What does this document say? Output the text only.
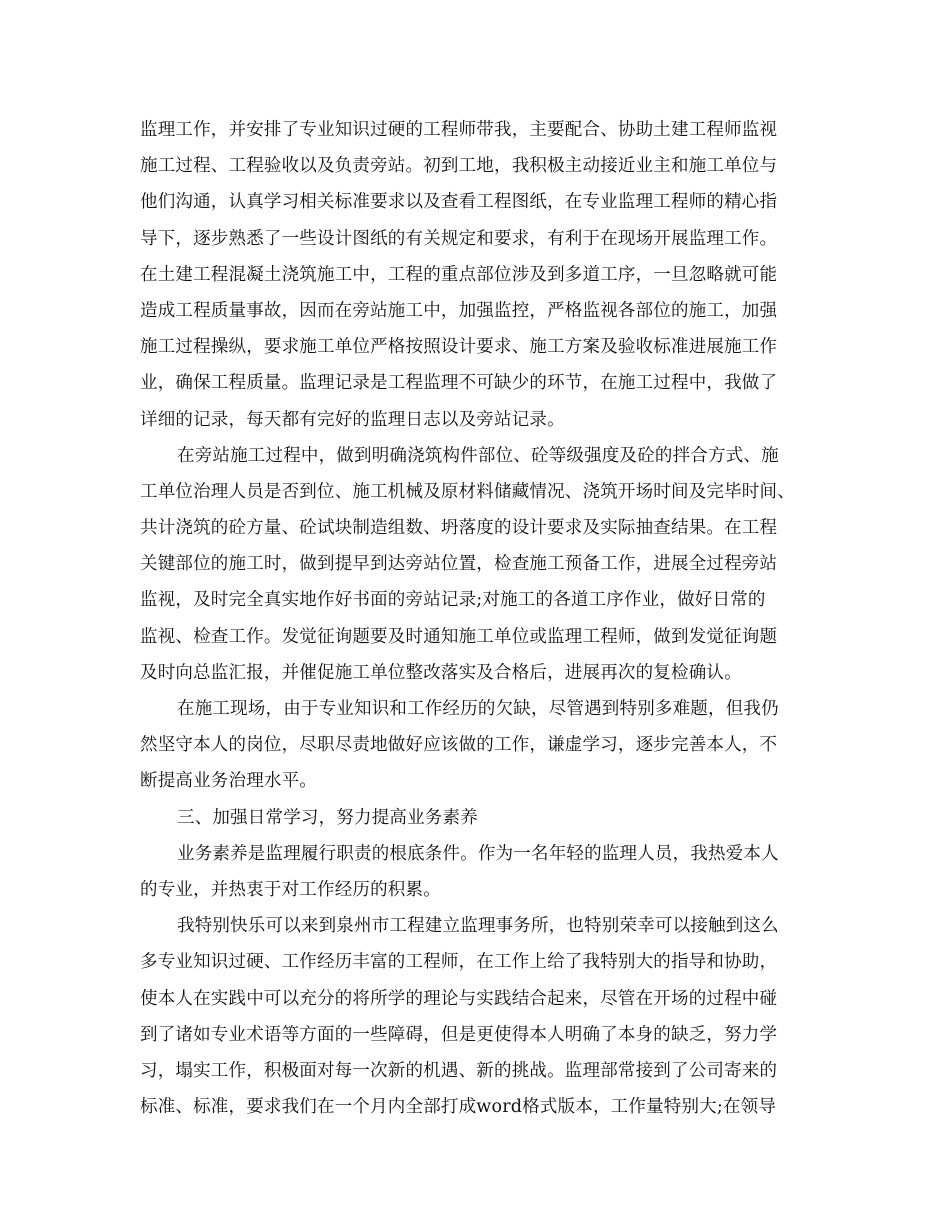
监理工作，并安排了专业知识过硬的工程师带我，主要配合、协助土建工程师监视
施工过程、工程验收以及负责旁站。初到工地，我积极主动接近业主和施工单位与
他们沟通，认真学习相关标准要求以及查看工程图纸，在专业监理工程师的精心指
导下，逐步熟悉了一些设计图纸的有关规定和要求，有利于在现场开展监理工作。
在土建工程混凝土浇筑施工中，工程的重点部位涉及到多道工序，一旦忽略就可能
造成工程质量事故，因而在旁站施工中，加强监控，严格监视各部位的施工，加强
施工过程操纵，要求施工单位严格按照设计要求、施工方案及验收标准进展施工作
业，确保工程质量。监理记录是工程监理不可缺少的环节，在施工过程中，我做了
详细的记录，每天都有完好的监理日志以及旁站记录。
在旁站施工过程中，做到明确浇筑构件部位、砼等级强度及砼的拌合方式、施
工单位治理人员是否到位、施工机械及原材料储藏情况、浇筑开场时间及完毕时间、
共计浇筑的砼方量、砼试块制造组数、坍落度的设计要求及实际抽查结果。在工程
关键部位的施工时，做到提早到达旁站位置，检查施工预备工作，进展全过程旁站
监视，及时完全真实地作好书面的旁站记录;对施工的各道工序作业，做好日常的
监视、检查工作。发觉征询题要及时通知施工单位或监理工程师，做到发觉征询题
及时向总监汇报，并催促施工单位整改落实及合格后，进展再次的复检确认。
在施工现场，由于专业知识和工作经历的欠缺，尽管遇到特别多难题，但我仍
然坚守本人的岗位，尽职尽责地做好应该做的工作，谦虚学习，逐步完善本人，不
断提高业务治理水平。
三、加强日常学习，努力提高业务素养
业务素养是监理履行职责的根底条件。作为一名年轻的监理人员，我热爱本人
的专业，并热衷于对工作经历的积累。
我特别快乐可以来到泉州市工程建立监理事务所，也特别荣幸可以接触到这么
多专业知识过硬、工作经历丰富的工程师，在工作上给了我特别大的指导和协助，
使本人在实践中可以充分的将所学的理论与实践结合起来，尽管在开场的过程中碰
到了诸如专业术语等方面的一些障碍，但是更使得本人明确了本身的缺乏，努力学
习，塌实工作，积极面对每一次新的机遇、新的挑战。监理部常接到了公司寄来的
标准、标准，要求我们在一个月内全部打成word格式版本，工作量特别大;在领导
